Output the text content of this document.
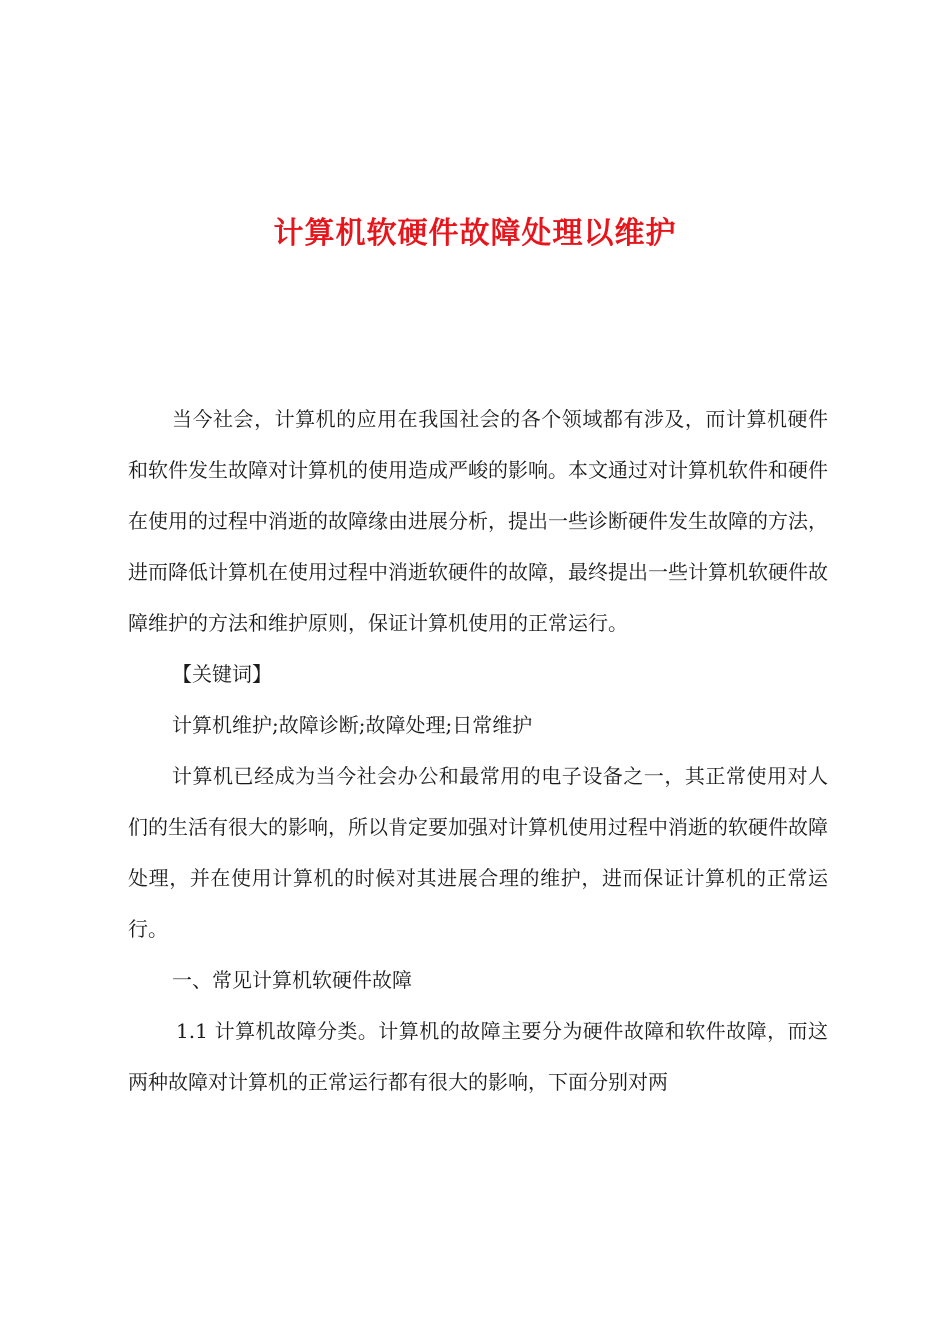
计算机软硬件故障处理以维护

当今社会，计算机的应用在我国社会的各个领域都有涉及，而计算机硬件和软件发生故障对计算机的使用造成严峻的影响。本文通过对计算机软件和硬件在使用的过程中消逝的故障缘由进展分析，提出一些诊断硬件发生故障的方法，进而降低计算机在使用过程中消逝软硬件的故障，最终提出一些计算机软硬件故障维护的方法和维护原则，保证计算机使用的正常运行。

【关键词】

计算机维护;故障诊断;故障处理;日常维护

计算机已经成为当今社会办公和最常用的电子设备之一，其正常使用对人们的生活有很大的影响，所以肯定要加强对计算机使用过程中消逝的软硬件故障处理，并在使用计算机的时候对其进展合理的维护，进而保证计算机的正常运行。

一、常见计算机软硬件故障

1.1 计算机故障分类。计算机的故障主要分为硬件故障和软件故障，而这两种故障对计算机的正常运行都有很大的影响，下面分别对两
